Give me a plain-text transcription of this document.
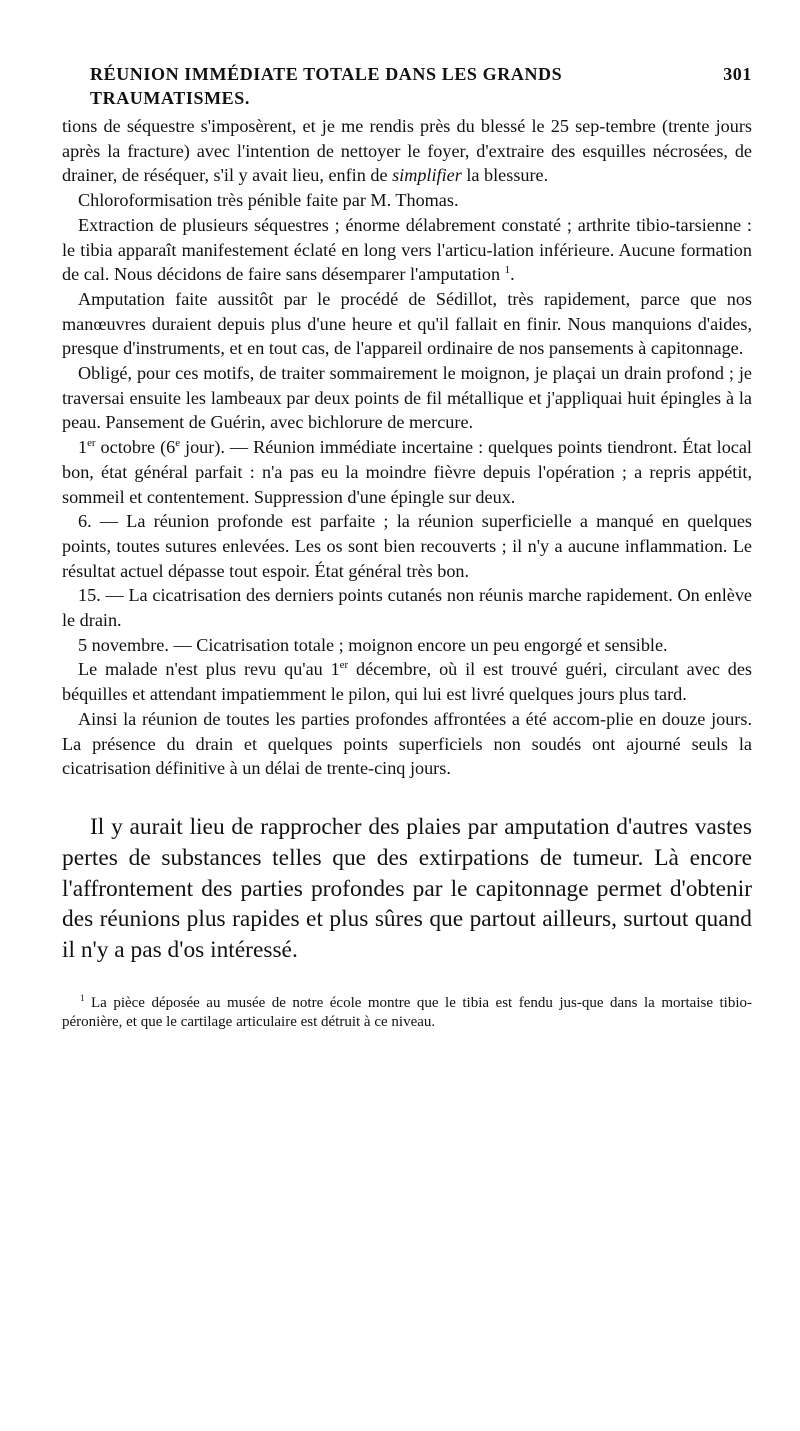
RÉUNION IMMÉDIATE TOTALE DANS LES GRANDS TRAUMATISMES.
301

tions de séquestre s'imposèrent, et je me rendis près du blessé le 25 sep-tembre (trente jours après la fracture) avec l'intention de nettoyer le foyer, d'extraire des esquilles nécrosées, de drainer, de réséquer, s'il y avait lieu, enfin de simplifier la blessure.

Chloroformisation très pénible faite par M. Thomas.

Extraction de plusieurs séquestres ; énorme délabrement constaté ; arthrite tibio-tarsienne : le tibia apparaît manifestement éclaté en long vers l'articu-lation inférieure. Aucune formation de cal. Nous décidons de faire sans désemparer l'amputation $^1$.

Amputation faite aussitôt par le procédé de Sédillot, très rapidement, parce que nos manœuvres duraient depuis plus d'une heure et qu'il fallait en finir. Nous manquions d'aides, presque d'instruments, et en tout cas, de l'appareil ordinaire de nos pansements à capitonnage.

Obligé, pour ces motifs, de traiter sommairement le moignon, je plaçai un drain profond ; je traversai ensuite les lambeaux par deux points de fil métallique et j'appliquai huit épingles à la peau. Pansement de Guérin, avec bichlorure de mercure.

1er octobre (6e jour). — Réunion immédiate incertaine : quelques points tiendront. État local bon, état général parfait : n'a pas eu la moindre fièvre depuis l'opération ; a repris appétit, sommeil et contentement. Suppression d'une épingle sur deux.

6. — La réunion profonde est parfaite ; la réunion superficielle a manqué en quelques points, toutes sutures enlevées. Les os sont bien recouverts ; il n'y a aucune inflammation. Le résultat actuel dépasse tout espoir. État général très bon.

15. — La cicatrisation des derniers points cutanés non réunis marche rapidement. On enlève le drain.

5 novembre. — Cicatrisation totale ; moignon encore un peu engorgé et sensible.

Le malade n'est plus revu qu'au 1er décembre, où il est trouvé guéri, circulant avec des béquilles et attendant impatiemment le pilon, qui lui est livré quelques jours plus tard.

Ainsi la réunion de toutes les parties profondes affrontées a été accom-plie en douze jours. La présence du drain et quelques points superficiels non soudés ont ajourné seuls la cicatrisation définitive à un délai de trente-cinq jours.

Il y aurait lieu de rapprocher des plaies par amputation d'autres vastes pertes de substances telles que des extirpations de tumeur. Là encore l'affrontement des parties profondes par le capitonnage permet d'obtenir des réunions plus rapides et plus sûres que partout ailleurs, surtout quand il n'y a pas d'os intéressé.

$^1$ La pièce déposée au musée de notre école montre que le tibia est fendu jus-que dans la mortaise tibio-péronière, et que le cartilage articulaire est détruit à ce niveau.
